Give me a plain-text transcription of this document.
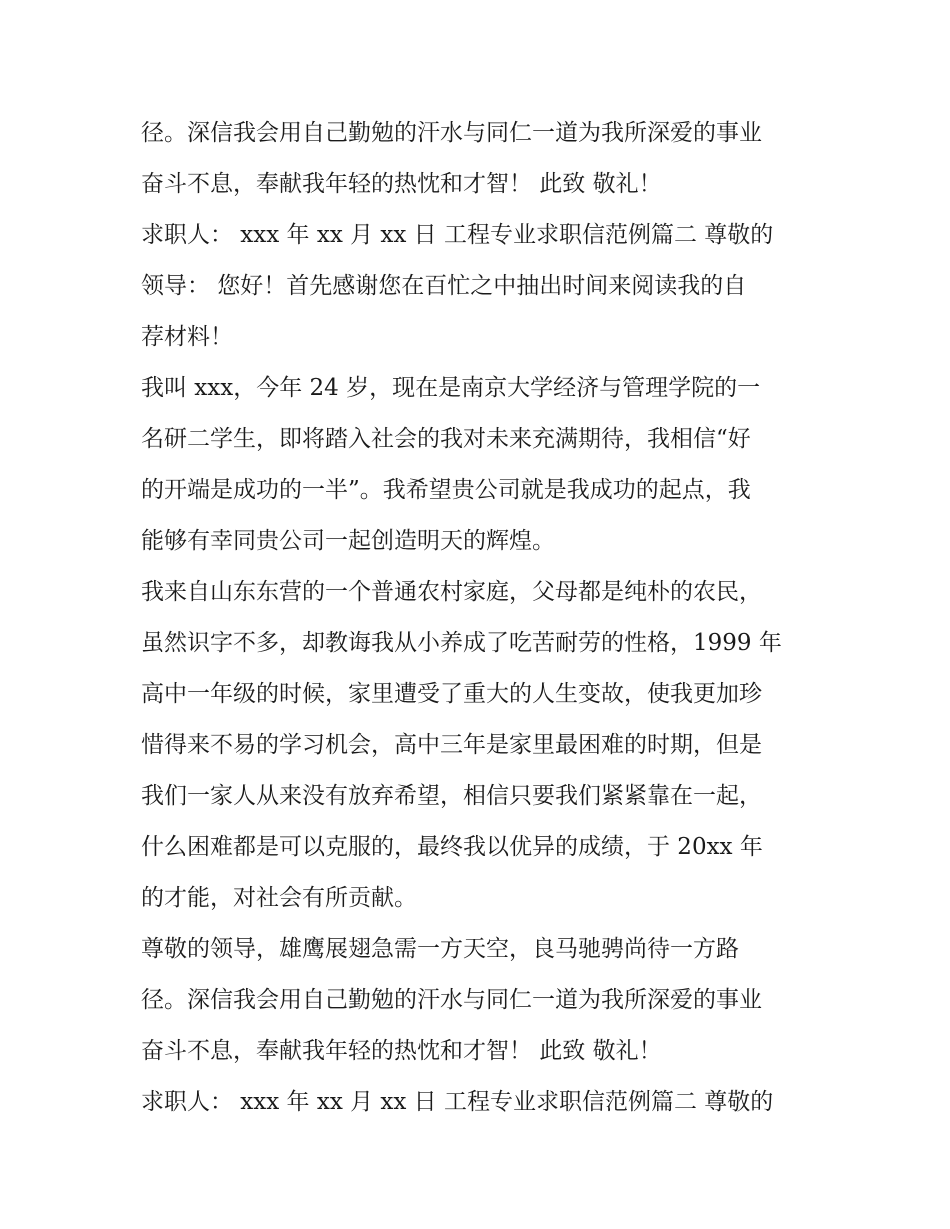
径。深信我会用自己勤勉的汗水与同仁一道为我所深爱的事业

奋斗不息，奉献我年轻的热忱和才智！ 此致 敬礼！

求职人： xxx 年 xx 月 xx 日 工程专业求职信范例篇二 尊敬的

领导： 您好！首先感谢您在百忙之中抽出时间来阅读我的自

荐材料！

我叫 xxx，今年 24 岁，现在是南京大学经济与管理学院的一

名研二学生，即将踏入社会的我对未来充满期待，我相信“好

的开端是成功的一半”。我希望贵公司就是我成功的起点，我

能够有幸同贵公司一起创造明天的辉煌。

我来自山东东营的一个普通农村家庭，父母都是纯朴的农民，

虽然识字不多，却教诲我从小养成了吃苦耐劳的性格，1999 年

高中一年级的时候，家里遭受了重大的人生变故，使我更加珍

惜得来不易的学习机会，高中三年是家里最困难的时期，但是

我们一家人从来没有放弃希望，相信只要我们紧紧靠在一起，

什么困难都是可以克服的，最终我以优异的成绩，于 20xx 年

的才能，对社会有所贡献。

尊敬的领导，雄鹰展翅急需一方天空，良马驰骋尚待一方路

径。深信我会用自己勤勉的汗水与同仁一道为我所深爱的事业

奋斗不息，奉献我年轻的热忱和才智！ 此致 敬礼！

求职人： xxx 年 xx 月 xx 日 工程专业求职信范例篇二 尊敬的
